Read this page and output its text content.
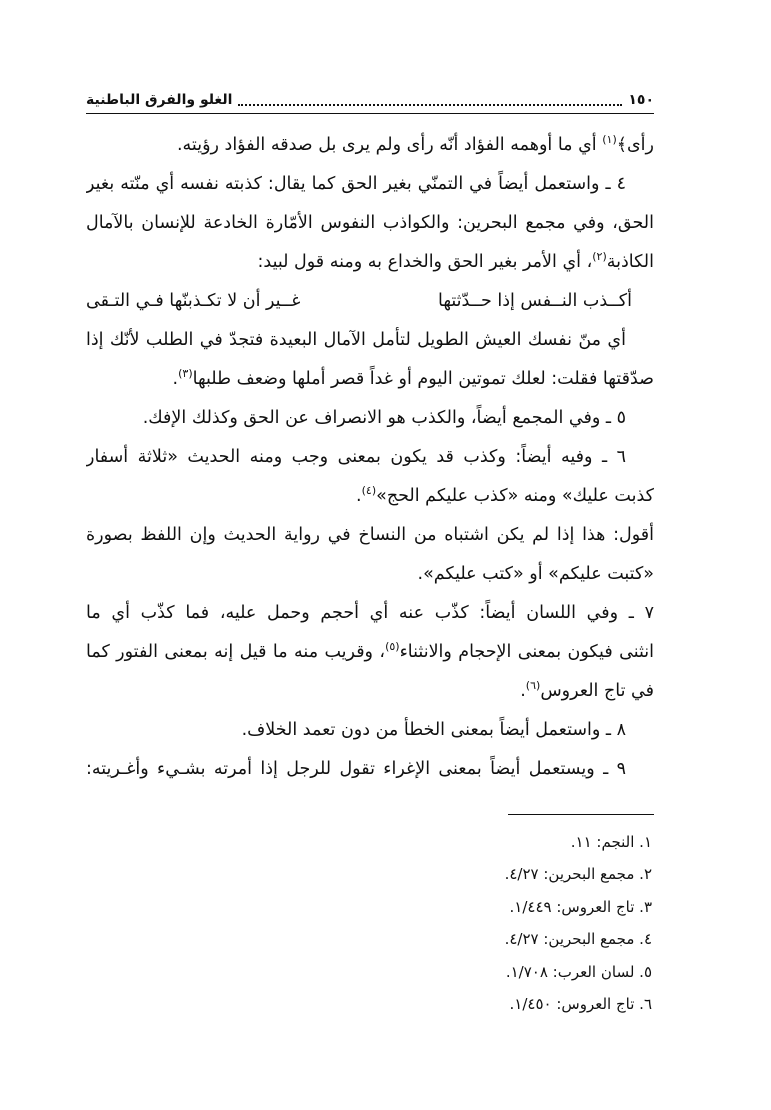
١٥٠
الغلو والفرق الباطنية
رأى﴾$^{(١)}$ أي ما أوهمه الفؤاد أنّه رأى ولم يرى بل صدقه الفؤاد رؤيته.
٤ ـ واستعمل أيضاً في التمنّي بغير الحق كما يقال: كذبته نفسه أي منّته بغير
الحق، وفي مجمع البحرين: والكواذب النفوس الأمّارة الخادعة للإنسان بالآمال
الكاذبة$^{(٢)}$، أي الأمر بغير الحق والخداع به ومنه قول لبيد:
أكــذب النــفس إذا حــدّثتها
غــير أن لا تكـذبنّها فـي التـقى
أي منّ نفسك العيش الطويل لتأمل الآمال البعيدة فتجدّ في الطلب لأنّك إذا
صدّقتها فقلت: لعلك تموتين اليوم أو غداً قصر أملها وضعف طلبها$^{(٣)}$.
٥ ـ وفي المجمع أيضاً، والكذب هو الانصراف عن الحق وكذلك الإفك.
٦ ـ وفيه أيضاً: وكذب قد يكون بمعنى وجب ومنه الحديث «ثلاثة أسفار
كذبت عليك» ومنه «كذب عليكم الحج»$^{(٤)}$.
أقول: هذا إذا لم يكن اشتباه من النساخ في رواية الحديث وإن اللفظ بصورة
«كتبت عليكم» أو «كتب عليكم».
٧ ـ وفي اللسان أيضاً: كذّب عنه أي أحجم وحمل عليه، فما كذّب أي ما
انثنى فيكون بمعنى الإحجام والانثناء$^{(٥)}$، وقريب منه ما قيل إنه بمعنى الفتور كما
في تاج العروس$^{(٦)}$.
٨ ـ واستعمل أيضاً بمعنى الخطأ من دون تعمد الخلاف.
٩ ـ ويستعمل أيضاً بمعنى الإغراء تقول للرجل إذا أمرته بشـيء وأغـريته:
١. النجم: ١١.
٢. مجمع البحرين: ٤/٢٧.
٣. تاج العروس: ١/٤٤٩.
٤. مجمع البحرين: ٤/٢٧.
٥. لسان العرب: ١/٧٠٨.
٦. تاج العروس: ١/٤٥٠.
